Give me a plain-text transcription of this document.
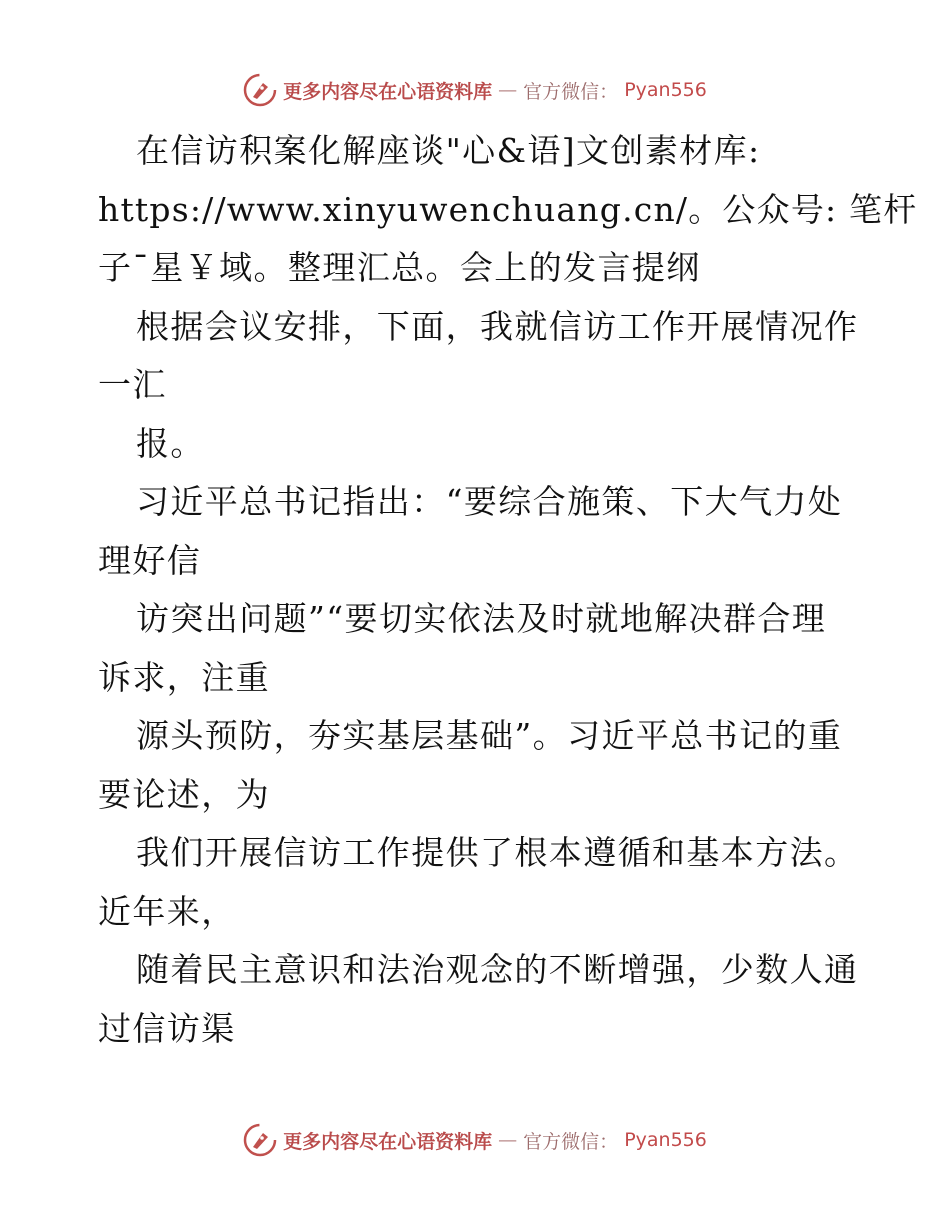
更多内容尽在心语资料库 — 官方微信： Pyan556
在信访积案化解座谈"心&语]文创素材库:
https://www.xinyuwenchuang.cn/。公众号: 笔杆
子¯星￥域。整理汇总。会上的发言提纲
根据会议安排，下面，我就信访工作开展情况作
一汇
报。
习近平总书记指出：“要综合施策、下大气力处
理好信
访突出问题”“要切实依法及时就地解决群合理
诉求，注重
源头预防，夯实基层基础”。习近平总书记的重
要论述，为
我们开展信访工作提供了根本遵循和基本方法。
近年来，
随着民主意识和法治观念的不断增强，少数人通
过信访渠
更多内容尽在心语资料库 — 官方微信： Pyan556
